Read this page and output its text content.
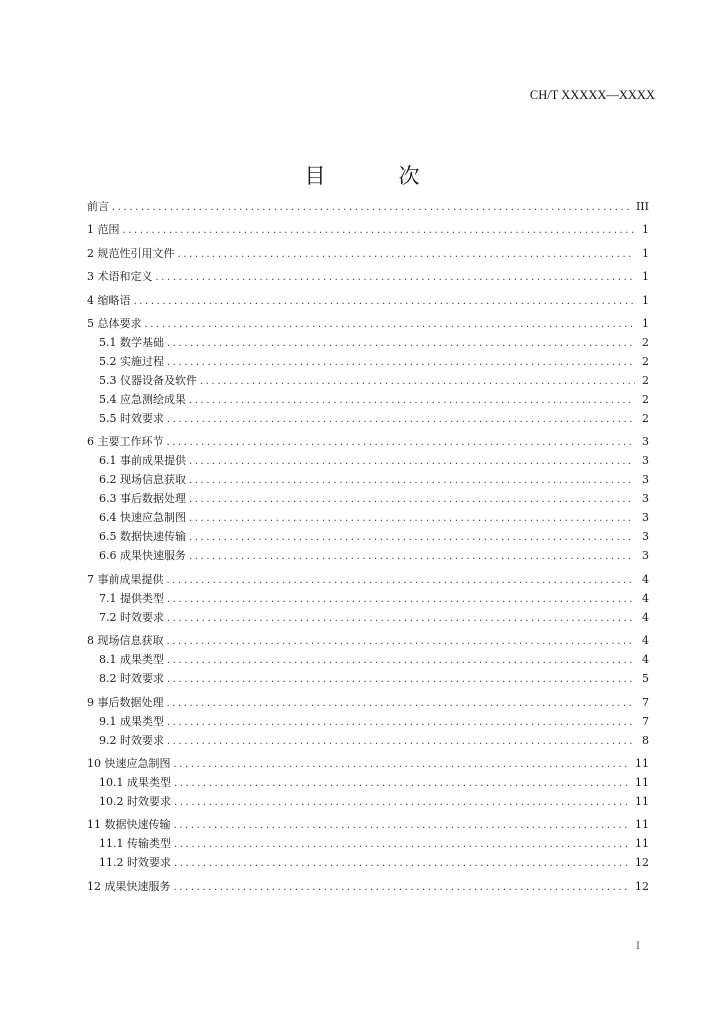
CH/T XXXXX—XXXX
目　次
前言 .....	III
1 范围 .....	1
2 规范性引用文件 .....	1
3 术语和定义 .....	1
4 缩略语 .....	1
5 总体要求 .....	1
5.1 数学基础 .....	2
5.2 实施过程 .....	2
5.3 仪器设备及软件 .....	2
5.4 应急测绘成果 .....	2
5.5 时效要求 .....	2
6 主要工作环节 .....	3
6.1 事前成果提供 .....	3
6.2 现场信息获取 .....	3
6.3 事后数据处理 .....	3
6.4 快速应急制图 .....	3
6.5 数据快速传输 .....	3
6.6 成果快速服务 .....	3
7 事前成果提供 .....	4
7.1 提供类型 .....	4
7.2 时效要求 .....	4
8 现场信息获取 .....	4
8.1 成果类型 .....	4
8.2 时效要求 .....	5
9 事后数据处理 .....	7
9.1 成果类型 .....	7
9.2 时效要求 .....	8
10 快速应急制图 .....	11
10.1 成果类型 .....	11
10.2 时效要求 .....	11
11 数据快速传输 .....	11
11.1 传输类型 .....	11
11.2 时效要求 .....	12
12 成果快速服务 .....	12
I
